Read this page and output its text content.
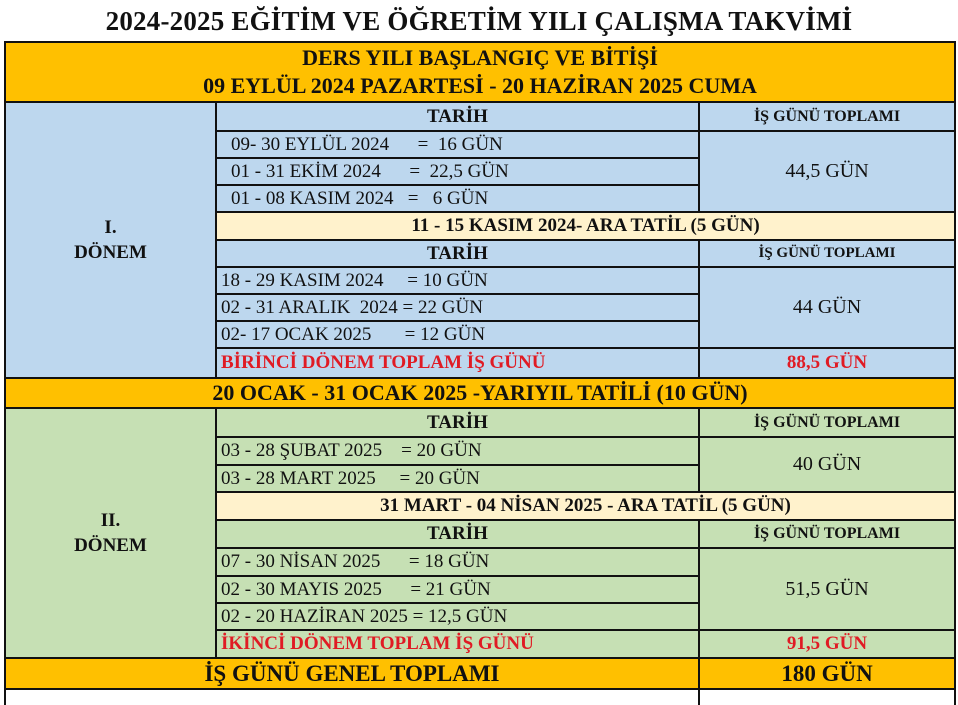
2024-2025 EĞİTİM VE ÖĞRETİM YILI ÇALIŞMA TAKVİMİ
DERS YILI BAŞLANGIÇ VE BİTİŞİ
09 EYLÜL 2024 PAZARTESİ - 20 HAZİRAN 2025 CUMA		

I.
DÖNEM	TARİH	İŞ GÜNÜ TOPLAMI
	09- 30 EYLÜL 2024      =  16 GÜN	44,5 GÜN
	01 - 31 EKİM 2024      =  22,5 GÜN	
	01 - 08 KASIM 2024   =   6 GÜN	
	11 - 15 KASIM 2024- ARA TATİL (5 GÜN)	
	TARİH	İŞ GÜNÜ TOPLAMI
	18 - 29 KASIM 2024     = 10 GÜN	44 GÜN
	02 - 31 ARALIK  2024 = 22 GÜN	
	02- 17 OCAK 2025       = 12 GÜN	
	BİRİNCİ DÖNEM TOPLAM İŞ GÜNÜ	88,5 GÜN
20 OCAK - 31 OCAK 2025 -YARIYIL TATİLİ (10 GÜN)		

II.
DÖNEM	TARİH	İŞ GÜNÜ TOPLAMI
	03 - 28 ŞUBAT 2025    = 20 GÜN	40 GÜN
	03 - 28 MART 2025     = 20 GÜN	
	31 MART - 04 NİSAN 2025 - ARA TATİL (5 GÜN)	
	TARİH	İŞ GÜNÜ TOPLAMI
	07 - 30 NİSAN 2025      = 18 GÜN	51,5 GÜN
	02 - 30 MAYIS 2025      = 21 GÜN	
	02 - 20 HAZİRAN 2025 = 12,5 GÜN	
	İKİNCİ DÖNEM TOPLAM İŞ GÜNÜ	91,5 GÜN
İŞ GÜNÜ GENEL TOPLAMI		180 GÜN
